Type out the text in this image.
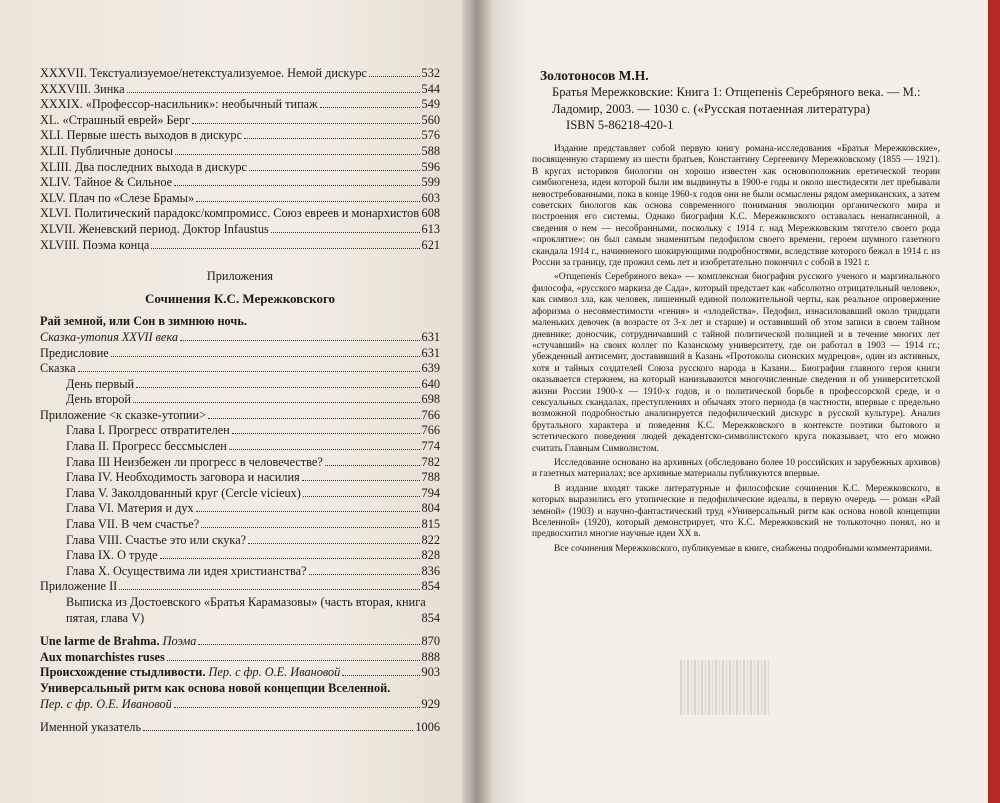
XXXVII. Текстуализуемое/нетекстуализуемое. Немой дискурс	532
XXXVIII. Зинка	544
XXXIX. «Профессор-насильник»: необычный типаж	549
XL. «Страшный еврей» Берг	560
XLI. Первые шесть выходов в дискурс	576
XLII. Публичные доносы	588
XLIII. Два последних выхода в дискурс	596
XLIV. Тайное & Сильное	599
XLV. Плач по «Слезе Брамы»	603
XLVI. Политический парадокс/компромисс. Союз евреев и монархистов 608
XLVII. Женевский период. Доктор Infaustus	613
XLVIII. Поэма конца	621
Приложения
Сочинения К.С. Мережковского
Рай земной, или Сон в зимнюю ночь.
Сказка-утопия XXVII века	631
Предисловие	631
Сказка	639
День первый	640
День второй	698
Приложение <к сказке-утопии>	766
Глава I. Прогресс отвратителен	766
Глава II. Прогресс бессмыслен	774
Глава III Неизбежен ли прогресс в человечестве?	782
Глава IV. Необходимость заговора и насилия	788
Глава V. Заколдованный круг (Cercle vicieux)	794
Глава VI. Материя и дух	804
Глава VII. В чем счастье?	815
Глава VIII. Счастье это или скука?	822
Глава IX. О труде	828
Глава X. Осуществима ли идея христианства?	836
Приложение II	854
Выписка из Достоевского «Братья Карамазовы» (часть вторая, книга пятая, глава V)	854
Une larme de Brahma. Поэма	870
Aux monarchistes ruses	888
Происхождение стыдливости. Пер. с фр. О.Е. Ивановой	903
Универсальный ритм как основа новой концепции Вселенной.
Пер. с фр. О.Е. Ивановой	929
Именной указатель	1006
Золотоносов М.Н.

Братья Мережковские: Книга 1: Отщепенis Серебряного века. — М.: Ладомир, 2003. — 1030 с. («Русская потаенная литература)

ISBN 5-86218-420-1

Издание представляет собой первую книгу романа-исследования «Братья Мережковские», посвященную старшему из шести братьев, Константину Сергеевичу Мережковскому (1855 — 1921). В кругах историков биологии он хорошо известен как основоположник еретической теории симбиогенеза, идеи которой были им выдвинуты в 1900-е годы и около шестидесяти лет пребывали невостребованными, пока в конце 1960-х годов они не были осмыслены рядом американских, а затем советских биологов как основа современного понимания эволюции органического мира и построения его системы. Однако биография К.С. Мережковского оставалась ненаписанной, а сведения о нем — несобранными, поскольку с 1914 г. над Мережковским тяготело своего рода «проклятие»: он был самым знаменитым педофилом своего времени, героем шумного газетного скандала 1914 г., начинненого шокирующими подробностями, вследствие которого бежал в 1914 г. из России за границу, где прожил семь лет и изобретательно покончил с собой в 1921 г.

«Отщепенis Серебряного века» — комплексная биография русского ученого и маргинального философа, «русского маркиза де Сада», который предстает как «абсолютно отрицательный человек», как символ зла, как человек, лишенный единой положительной черты, как реальное опровержение афоризма о несовместимости «гения» и «злодейства». Педофил, изнасиловавший около тридцати маленьких девочек (в возрасте от 3-х лет и старше) и оставивший об этом записи в своем тайном дневнике; доносчик, сотрудничавший с тайной политической полицией и в течение многих лет «стучавший» на своих коллег по Казанскому университету, где он работал в 1903 — 1914 гг.; убежденный антисемит, доставивший в Казань «Протоколы сионских мудрецов», один из активных, хотя и тайных создателей Союза русского народа в Казани... Биография главного героя книги оказывается стержнем, на который нанизываются многочисленные сведения и об университетской жизни России 1900-х — 1910-х годов, и о политической борьбе в профессорской среде, и о сексуальных скандалах, преступлениях и обычаях этого периода (в частности, впервые с предельно возможной подробностью анализируется педофилический дискурс в русской культуре). Анализ брутального характера и поведения К.С. Мережковского в контексте поэтики бытового и эстетического поведения людей декадентско-символистского круга показывает, что его можно считать Главным Символистом.

Исследование основано на архивных (обследовано более 10 российских и зарубежных архивов) и газетных материалах; все архивные материалы публикуются впервые.

В издание входят также литературные и философские сочинения К.С. Мережковского, в которых выразились его утопические и педофилические идеалы, в первую очередь — роман «Рай земной» (1903) и научно-фантастический труд «Универсальный ритм как основа новой концепции Вселенной» (1920), который демонстрирует, что К.С. Мережковский не толькоточно понял, но и предвосхитил многие научные идеи XX в.

Все сочинения Мережковского, публикуемые в книге, снабжены подробными комментариями.
